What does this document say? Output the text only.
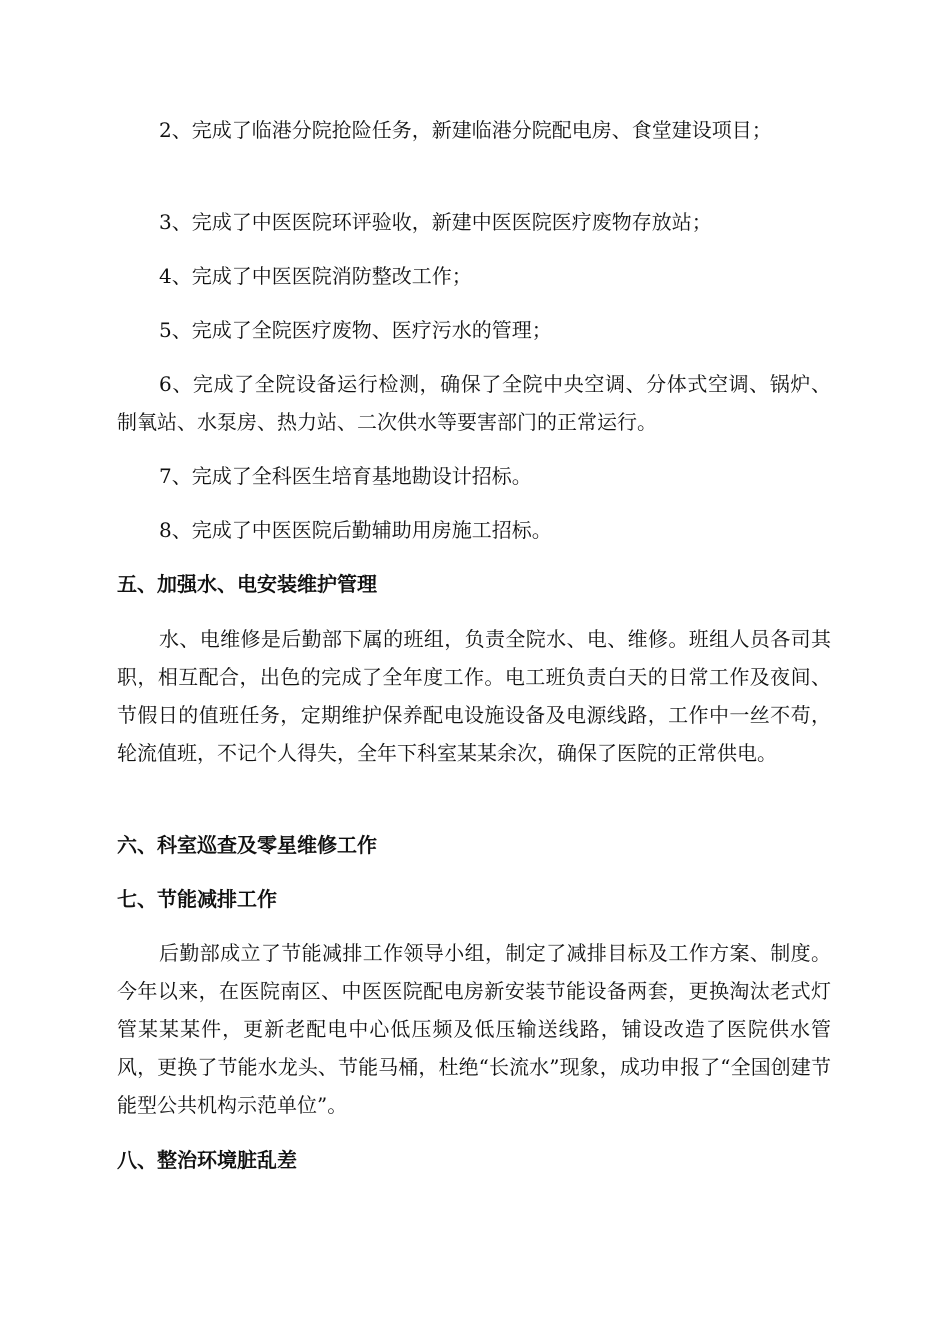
2、完成了临港分院抢险任务，新建临港分院配电房、食堂建设项目；

3、完成了中医医院环评验收，新建中医医院医疗废物存放站；

4、完成了中医医院消防整改工作；

5、完成了全院医疗废物、医疗污水的管理；

6、完成了全院设备运行检测，确保了全院中央空调、分体式空调、锅炉、制氧站、水泵房、热力站、二次供水等要害部门的正常运行。

7、完成了全科医生培育基地勘设计招标。

8、完成了中医医院后勤辅助用房施工招标。

五、加强水、电安装维护管理

水、电维修是后勤部下属的班组，负责全院水、电、维修。班组人员各司其职，相互配合，出色的完成了全年度工作。电工班负责白天的日常工作及夜间、节假日的值班任务，定期维护保养配电设施设备及电源线路，工作中一丝不苟，轮流值班，不记个人得失，全年下科室某某余次，确保了医院的正常供电。

六、科室巡查及零星维修工作
七、节能减排工作

后勤部成立了节能减排工作领导小组，制定了减排目标及工作方案、制度。今年以来，在医院南区、中医医院配电房新安装节能设备两套，更换淘汰老式灯管某某某件，更新老配电中心低压频及低压输送线路，铺设改造了医院供水管风，更换了节能水龙头、节能马桶，杜绝“长流水”现象，成功申报了“全国创建节能型公共机构示范单位”。

八、整治环境脏乱差
